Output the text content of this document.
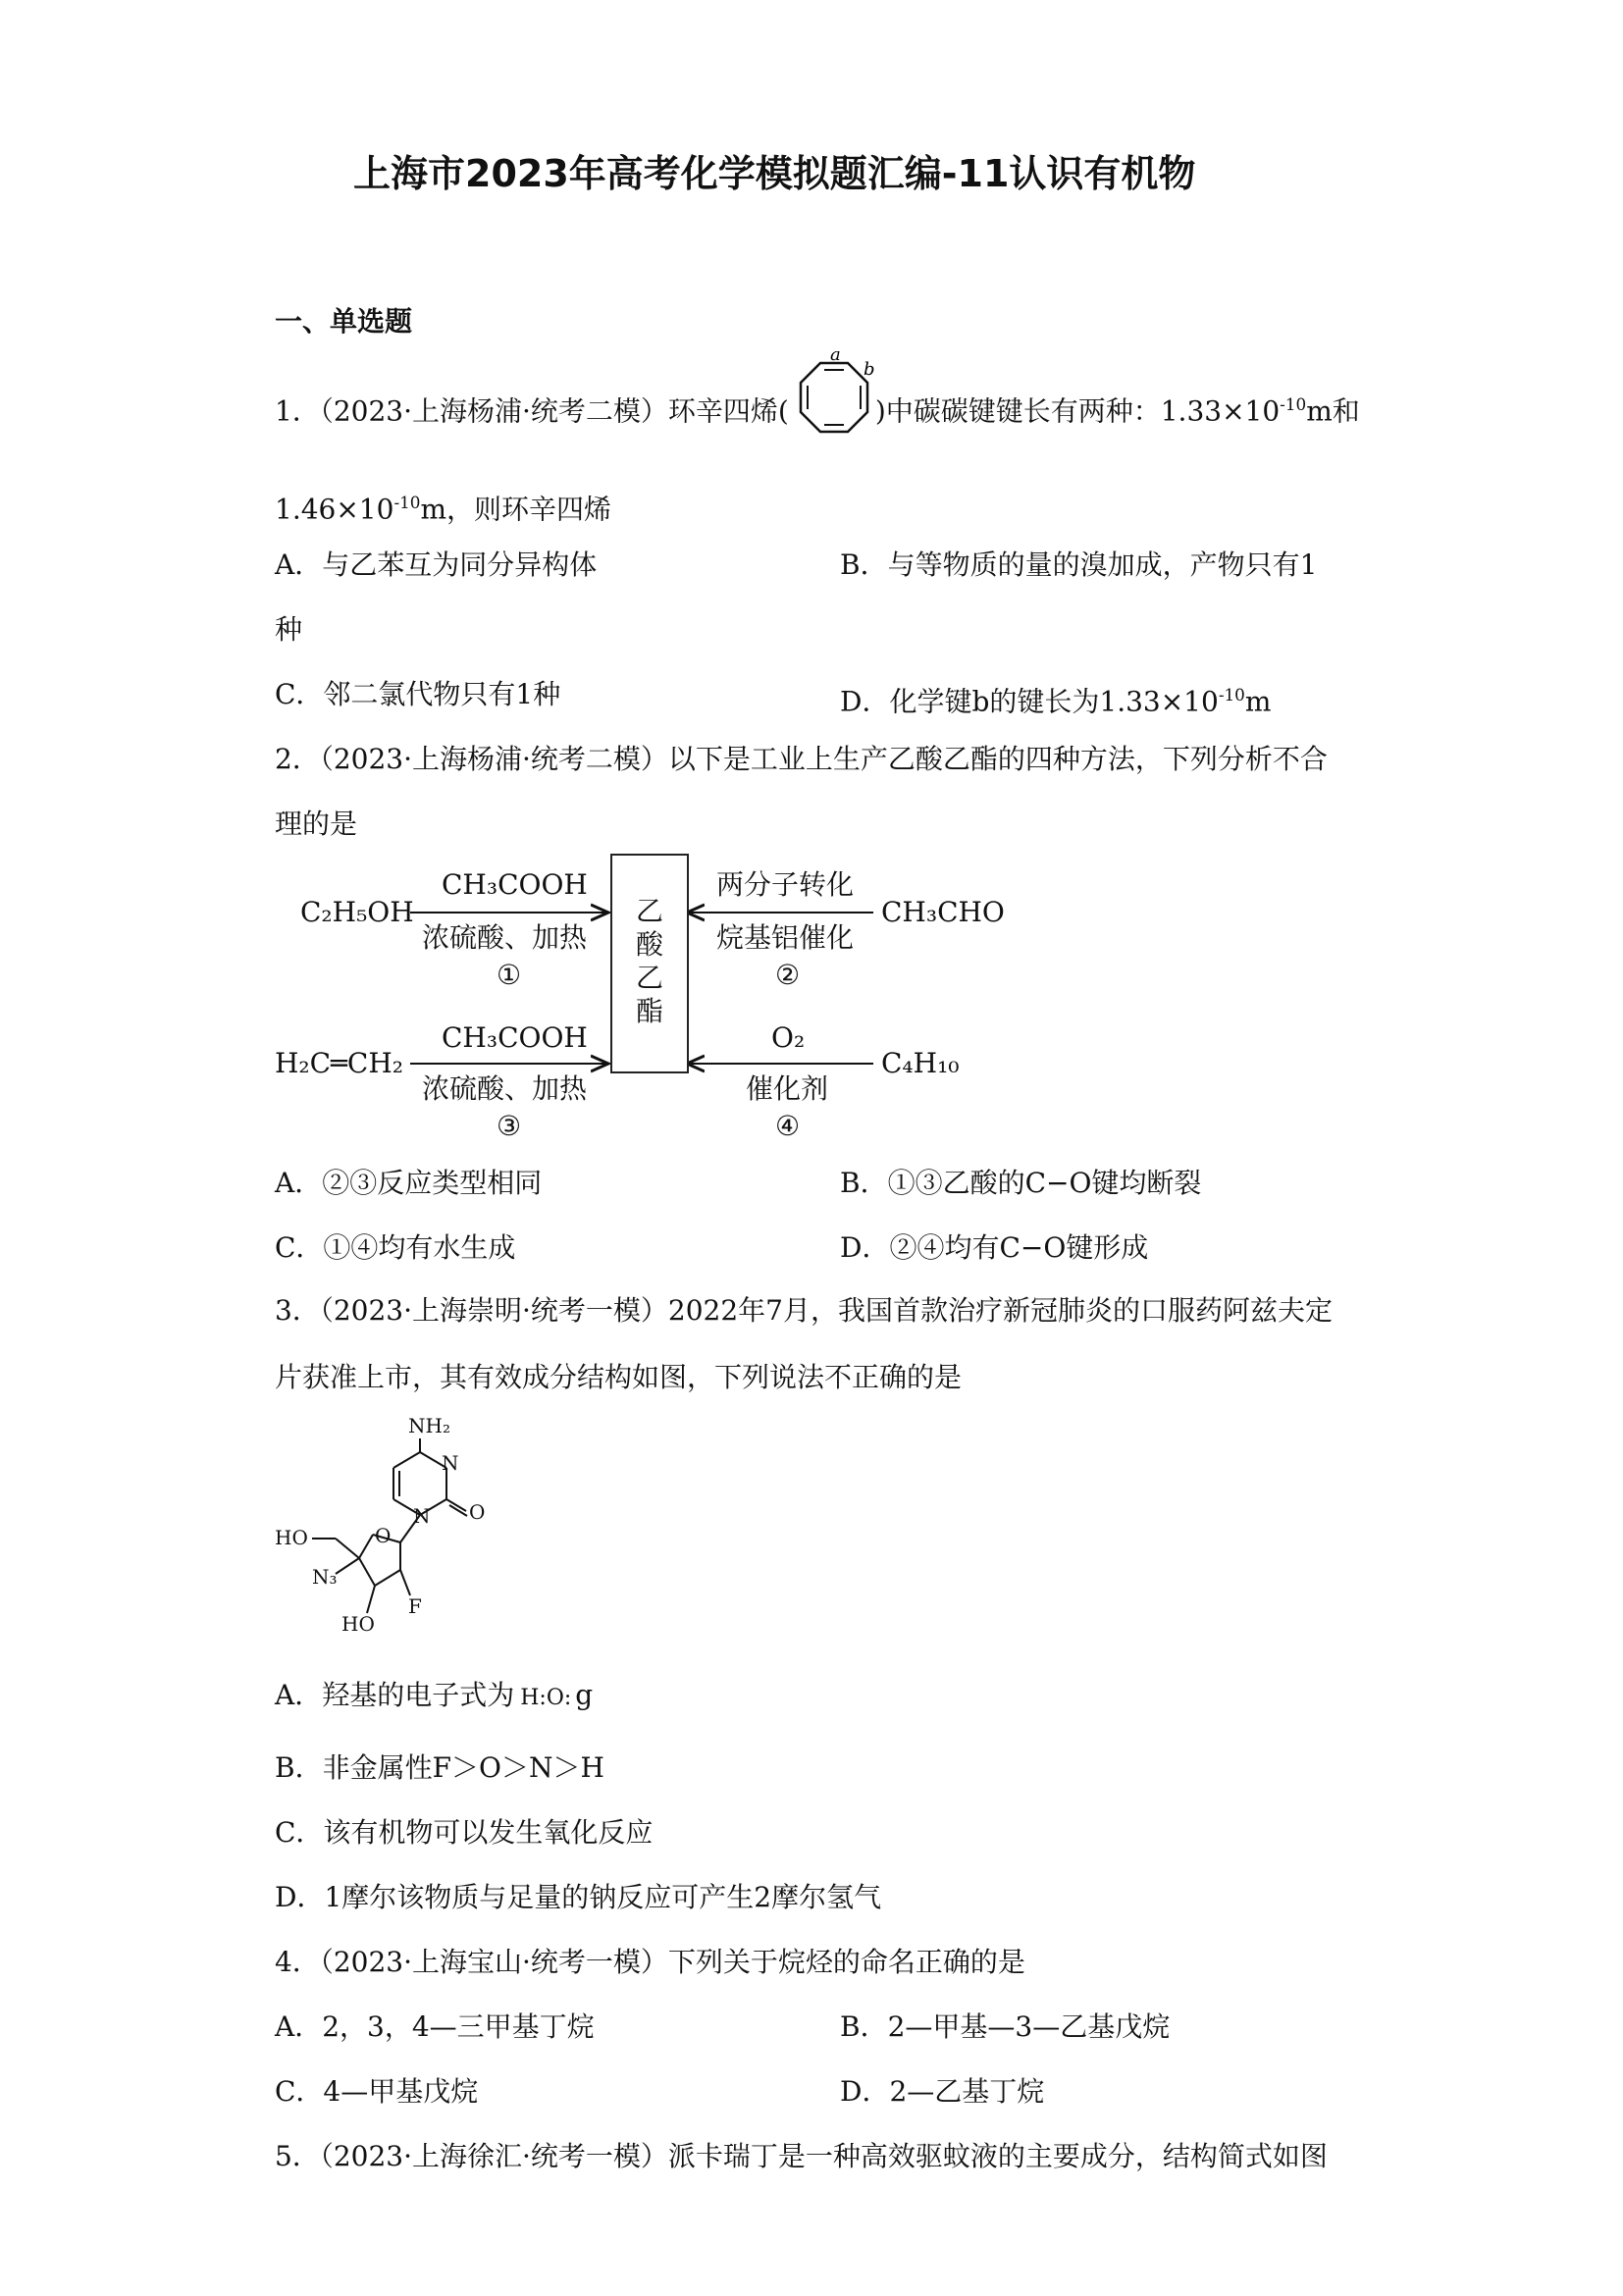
上海市2023年高考化学模拟题汇编-11认识有机物
一、单选题
1．（2023·上海杨浦·统考二模）环辛四烯(	)中碳碳键键长有两种：$1.33\times 10^{-10}m$和
a
b
$1.46\times 10^{-10}m$，则环辛四烯
A．与乙苯互为同分异构体	B．与等物质的量的溴加成，产物只有1
种
C．邻二氯代物只有1种	D．化学键b的键长为$1.33\times 10^{-10}m$
2．（2023·上海杨浦·统考二模）以下是工业上生产乙酸乙酯的四种方法，下列分析不合
理的是
乙
酸
乙
酯
C₂H₅OH
CH₃COOH
浓硫酸、加热
①
CH₃CHO
两分子转化
烷基铝催化
②
H₂C═CH₂
CH₃COOH
浓硫酸、加热
③
C₄H₁₀
O₂
催化剂
④
A．②③反应类型相同	B．①③乙酸的C−O键均断裂
C．①④均有水生成	D．②④均有C−O键形成
3．（2023·上海崇明·统考一模）2022年7月，我国首款治疗新冠肺炎的口服药阿兹夫定
片获准上市，其有效成分结构如图，下列说法不正确的是
NH₂
N
N O
O
HO
N₃
HO
F
A．羟基的电子式为 H:O: g
B．非金属性F＞O＞N＞H
C．该有机物可以发生氧化反应
D．1摩尔该物质与足量的钠反应可产生2摩尔氢气
4．（2023·上海宝山·统考一模）下列关于烷烃的命名正确的是
A．2，3，4—三甲基丁烷	B．2—甲基—3—乙基戊烷
C．4—甲基戊烷	D．2—乙基丁烷
5．（2023·上海徐汇·统考一模）派卡瑞丁是一种高效驱蚊液的主要成分，结构简式如图
